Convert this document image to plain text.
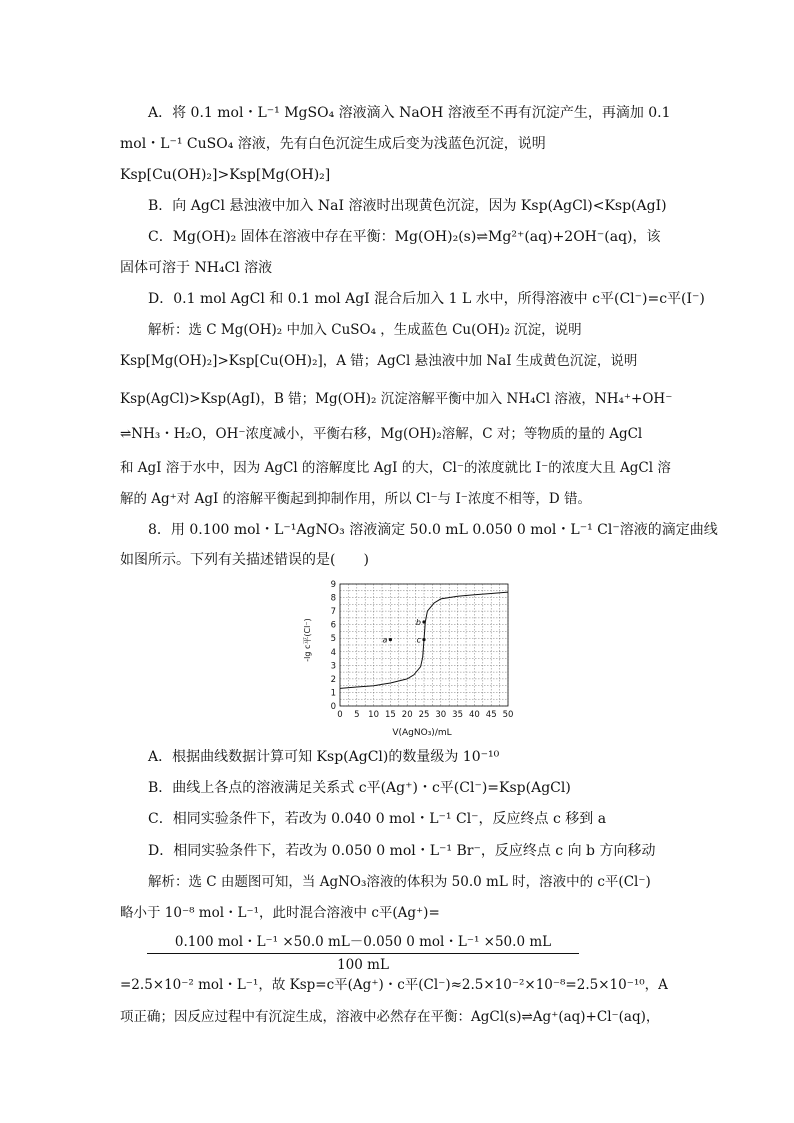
A．将 0.1 mol・L⁻¹ MgSO₄ 溶液滴入 NaOH 溶液至不再有沉淀产生，再滴加 0.1
mol・L⁻¹ CuSO₄ 溶液，先有白色沉淀生成后变为浅蓝色沉淀，说明
Ksp[Cu(OH)₂]>Ksp[Mg(OH)₂]
B．向 AgCl 悬浊液中加入 NaI 溶液时出现黄色沉淀，因为 Ksp(AgCl)<Ksp(AgI)
C．Mg(OH)₂ 固体在溶液中存在平衡：Mg(OH)₂(s)⇌Mg²⁺(aq)+2OH⁻(aq)，该
固体可溶于 NH₄Cl 溶液
D．0.1 mol AgCl 和 0.1 mol AgI 混合后加入 1 L 水中，所得溶液中 c平(Cl⁻)=c平(I⁻)
解析：选 C Mg(OH)₂ 中加入 CuSO₄ ，生成蓝色 Cu(OH)₂ 沉淀，说明
Ksp[Mg(OH)₂]>Ksp[Cu(OH)₂]，A 错；AgCl 悬浊液中加 NaI 生成黄色沉淀，说明
Ksp(AgCl)>Ksp(AgI)，B 错；Mg(OH)₂ 沉淀溶解平衡中加入 NH₄Cl 溶液，NH₄⁺+OH⁻
⇌NH₃・H₂O，OH⁻浓度减小，平衡右移，Mg(OH)₂溶解，C 对；等物质的量的 AgCl
和 AgI 溶于水中，因为 AgCl 的溶解度比 AgI 的大，Cl⁻的浓度就比 I⁻的浓度大且 AgCl 溶
解的 Ag⁺对 AgI 的溶解平衡起到抑制作用，所以 Cl⁻与 I⁻浓度不相等，D 错。
8．用 0.100 mol・L⁻¹AgNO₃ 溶液滴定 50.0 mL 0.050 0 mol・L⁻¹ Cl⁻溶液的滴定曲线
如图所示。下列有关描述错误的是(　　)
0 5 10 15 20 25 30 35 40 45 50
0
1
2
3
4
5
6
7
8
9
a
b
c
V(AgNO₃)/mL
-lg c平(Cl⁻)
A．根据曲线数据计算可知 Ksp(AgCl)的数量级为 10⁻¹⁰
B．曲线上各点的溶液满足关系式 c平(Ag⁺)・c平(Cl⁻)=Ksp(AgCl)
C．相同实验条件下，若改为 0.040 0 mol・L⁻¹ Cl⁻，反应终点 c 移到 a
D．相同实验条件下，若改为 0.050 0 mol・L⁻¹ Br⁻，反应终点 c 向 b 方向移动
解析：选 C 由题图可知，当 AgNO₃溶液的体积为 50.0 mL 时，溶液中的 c平(Cl⁻)
略小于 10⁻⁸ mol・L⁻¹，此时混合溶液中 c平(Ag⁺)=
0.100 mol・L⁻¹ ×50.0 mL－0.050 0 mol・L⁻¹ ×50.0 mL
100 mL
=2.5×10⁻² mol・L⁻¹，故 Ksp=c平(Ag⁺)・c平(Cl⁻)≈2.5×10⁻²×10⁻⁸=2.5×10⁻¹⁰，A
项正确；因反应过程中有沉淀生成，溶液中必然存在平衡：AgCl(s)⇌Ag⁺(aq)+Cl⁻(aq)，
